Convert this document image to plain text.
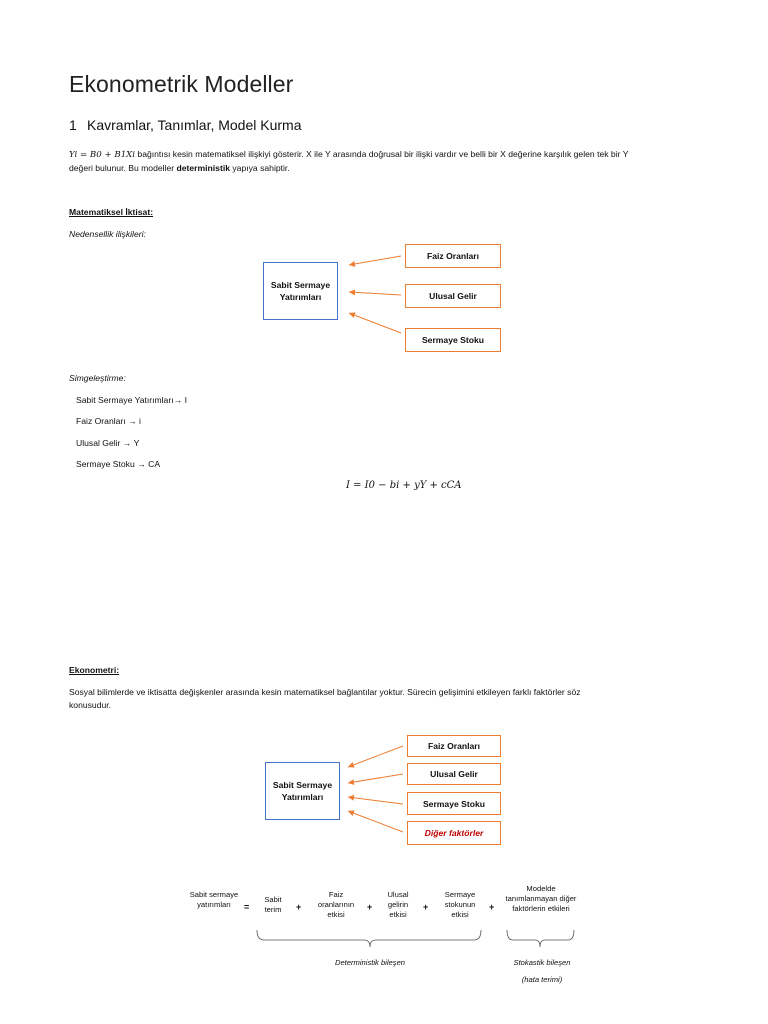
Ekonometrik Modeller
1 Kavramlar, Tanımlar, Model Kurma
Yi = B0 + B1Xi bağıntısı kesin matematiksel ilişkiyi gösterir. X ile Y arasında doğrusal bir ilişki vardır ve belli bir X değerine karşılık gelen tek bir Y
değeri bulunur. Bu modeller deterministik yapıya sahiptir.
Matematiksel İktisat:
Nedensellik ilişkileri:
Sabit Sermaye Yatırımları
Faiz Oranları
Ulusal Gelir
Sermaye Stoku
Simgeleştirme:
Sabit Sermaye Yatırımları→ I
Faiz Oranları → i
Ulusal Gelir → Y
Sermaye Stoku → CA
I = I0 − bi + yY + cCA
Ekonometri:
Sosyal bilimlerde ve iktisatta değişkenler arasında kesin matematiksel bağlantılar yoktur. Sürecin gelişimini etkileyen farklı faktörler söz
konusudur.
Sabit Sermaye Yatırımları
Faiz Oranları
Ulusal Gelir
Sermaye Stoku
Diğer faktörler
Sabit sermaye yatırımları	=
Sabit terim	+
Faiz oranlarının etkisi
+
Ulusal gelirin etkisi
+
Sermaye stokunun etkisi
+
Modelde tanımlanmayan diğer faktörlerin etkileri
Deterministik bileşen	Stokastik bileşen
(hata terimi)
